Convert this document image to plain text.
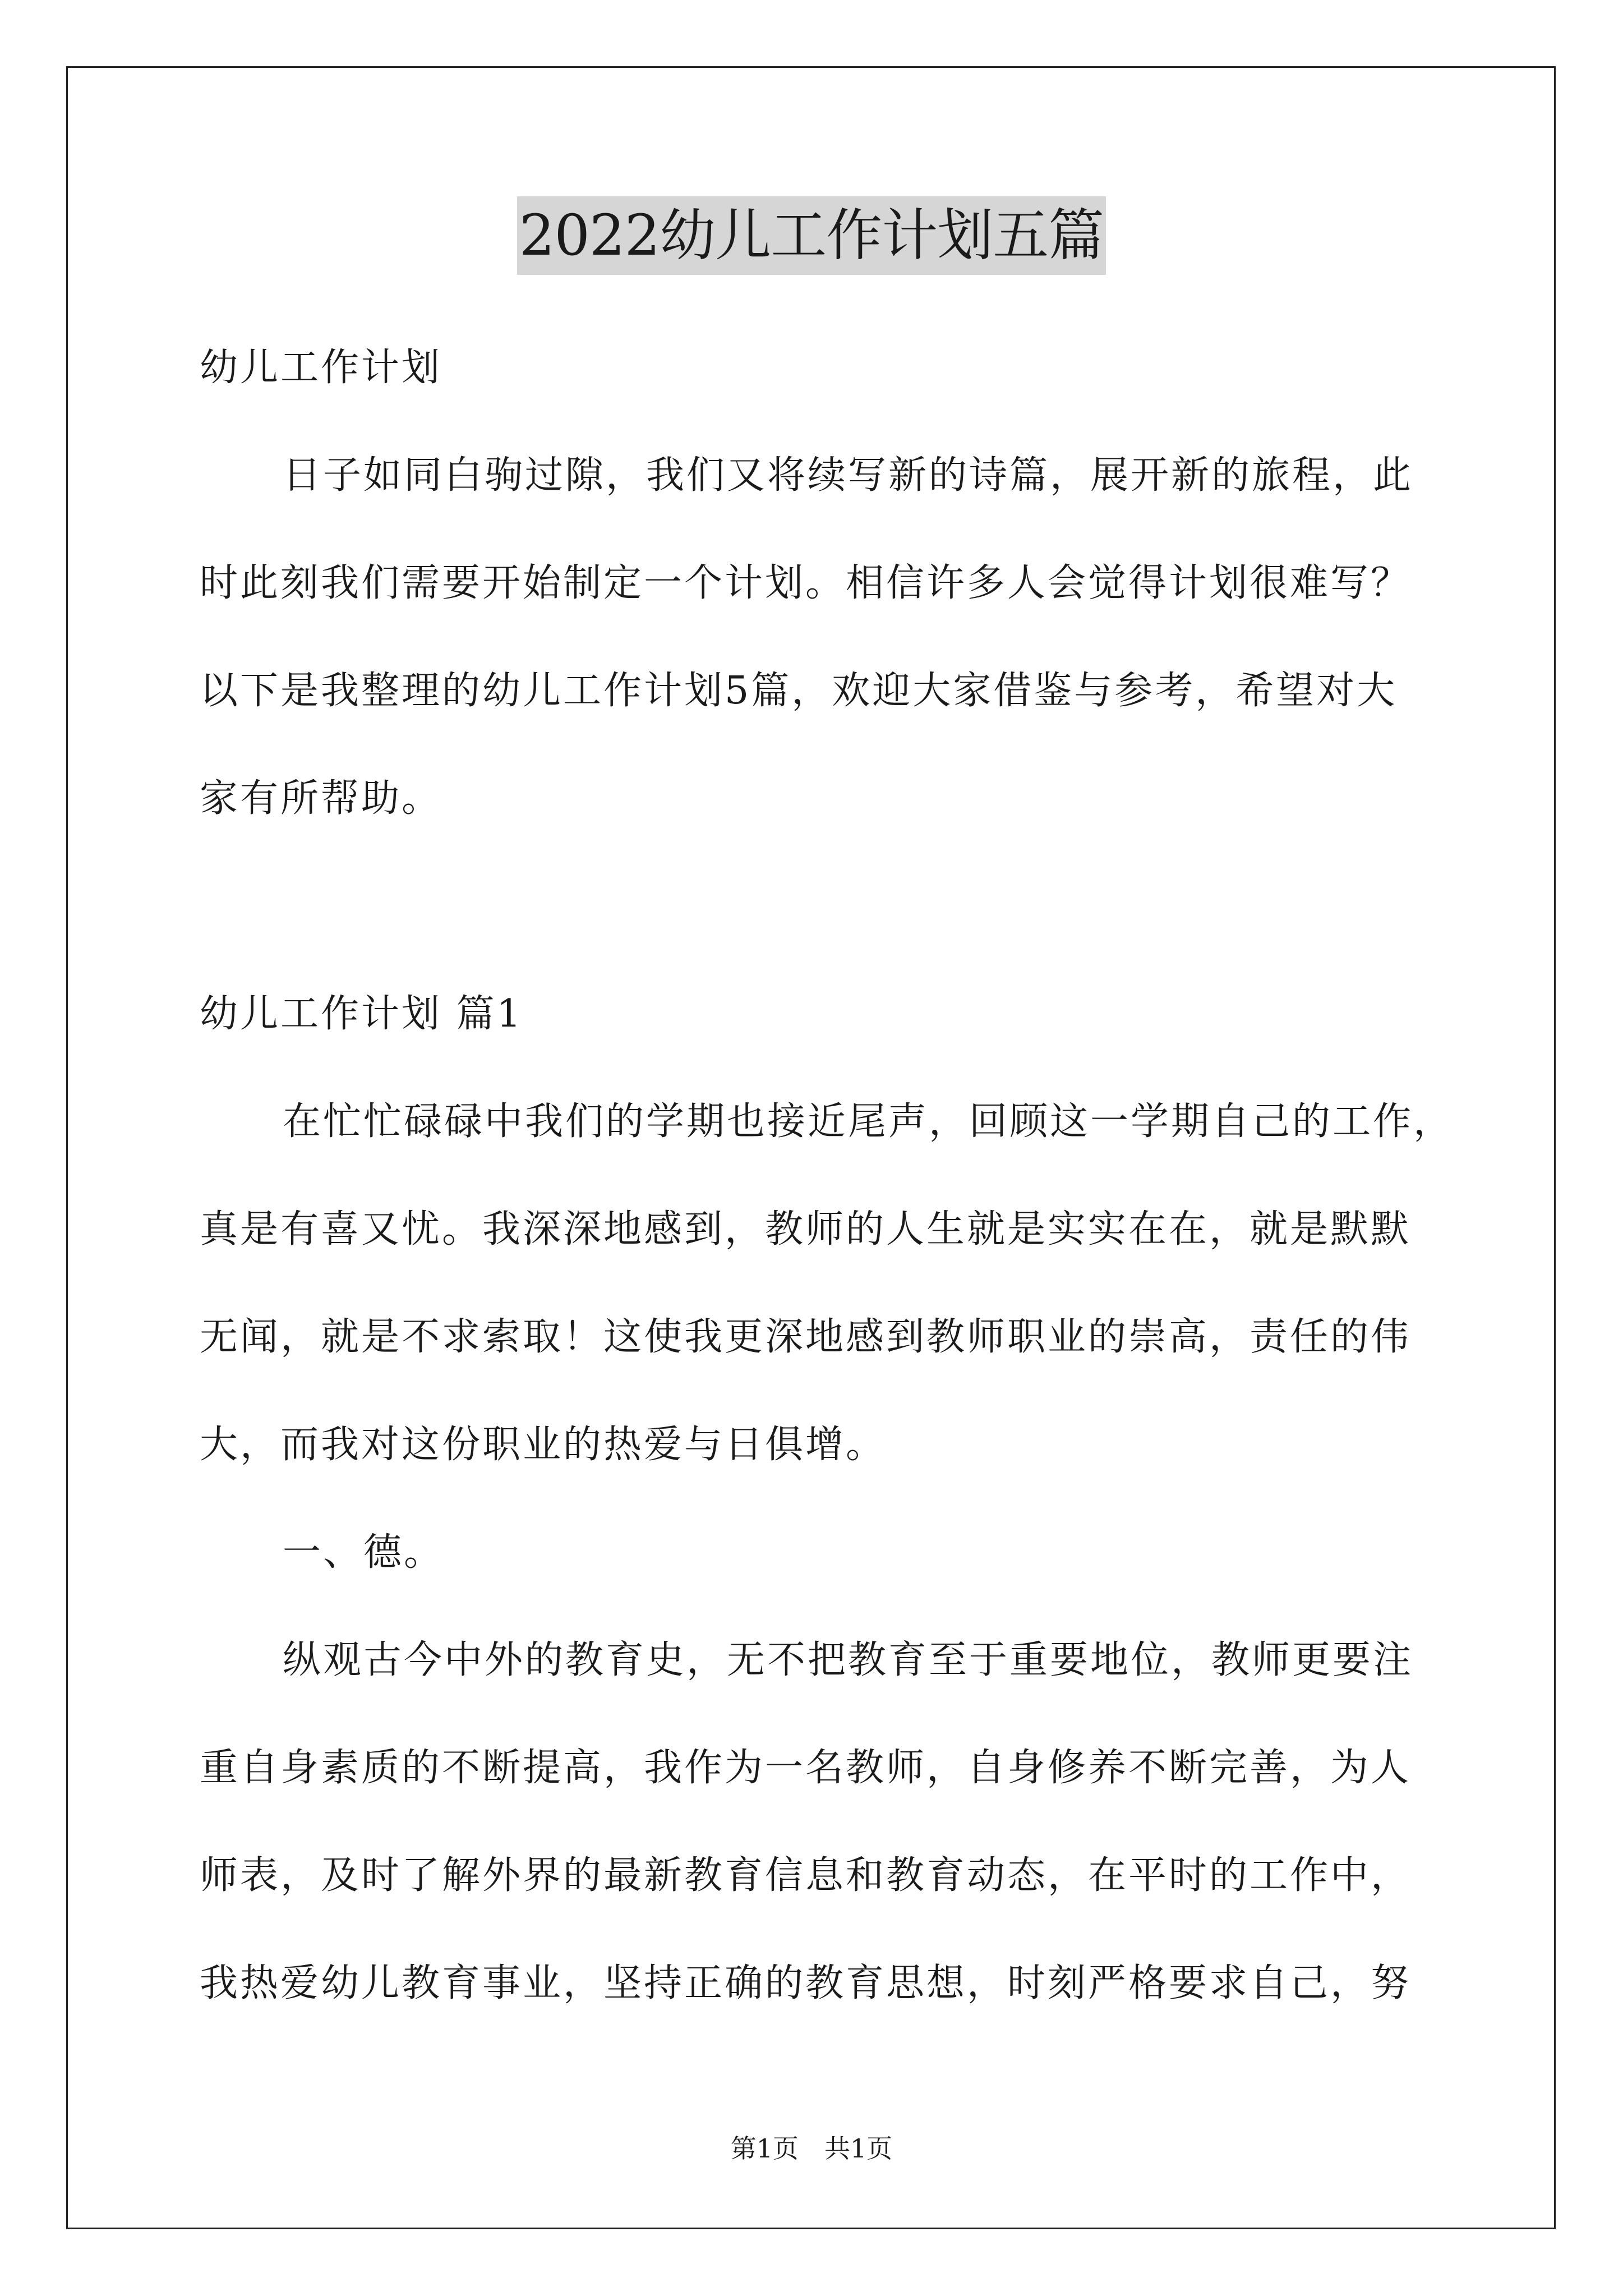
2022幼儿工作计划五篇

幼儿工作计划

日子如同白驹过隙，我们又将续写新的诗篇，展开新的旅程，此

时此刻我们需要开始制定一个计划。相信许多人会觉得计划很难写？

以下是我整理的幼儿工作计划5篇，欢迎大家借鉴与参考，希望对大

家有所帮助。

幼儿工作计划 篇1

在忙忙碌碌中我们的学期也接近尾声，回顾这一学期自己的工作，

真是有喜又忧。我深深地感到，教师的人生就是实实在在，就是默默

无闻，就是不求索取！这使我更深地感到教师职业的崇高，责任的伟

大，而我对这份职业的热爱与日俱增。

一、德。

纵观古今中外的教育史，无不把教育至于重要地位，教师更要注

重自身素质的不断提高，我作为一名教师，自身修养不断完善，为人

师表，及时了解外界的最新教育信息和教育动态，在平时的工作中，

我热爱幼儿教育事业，坚持正确的教育思想，时刻严格要求自己，努

第1页　共1页
